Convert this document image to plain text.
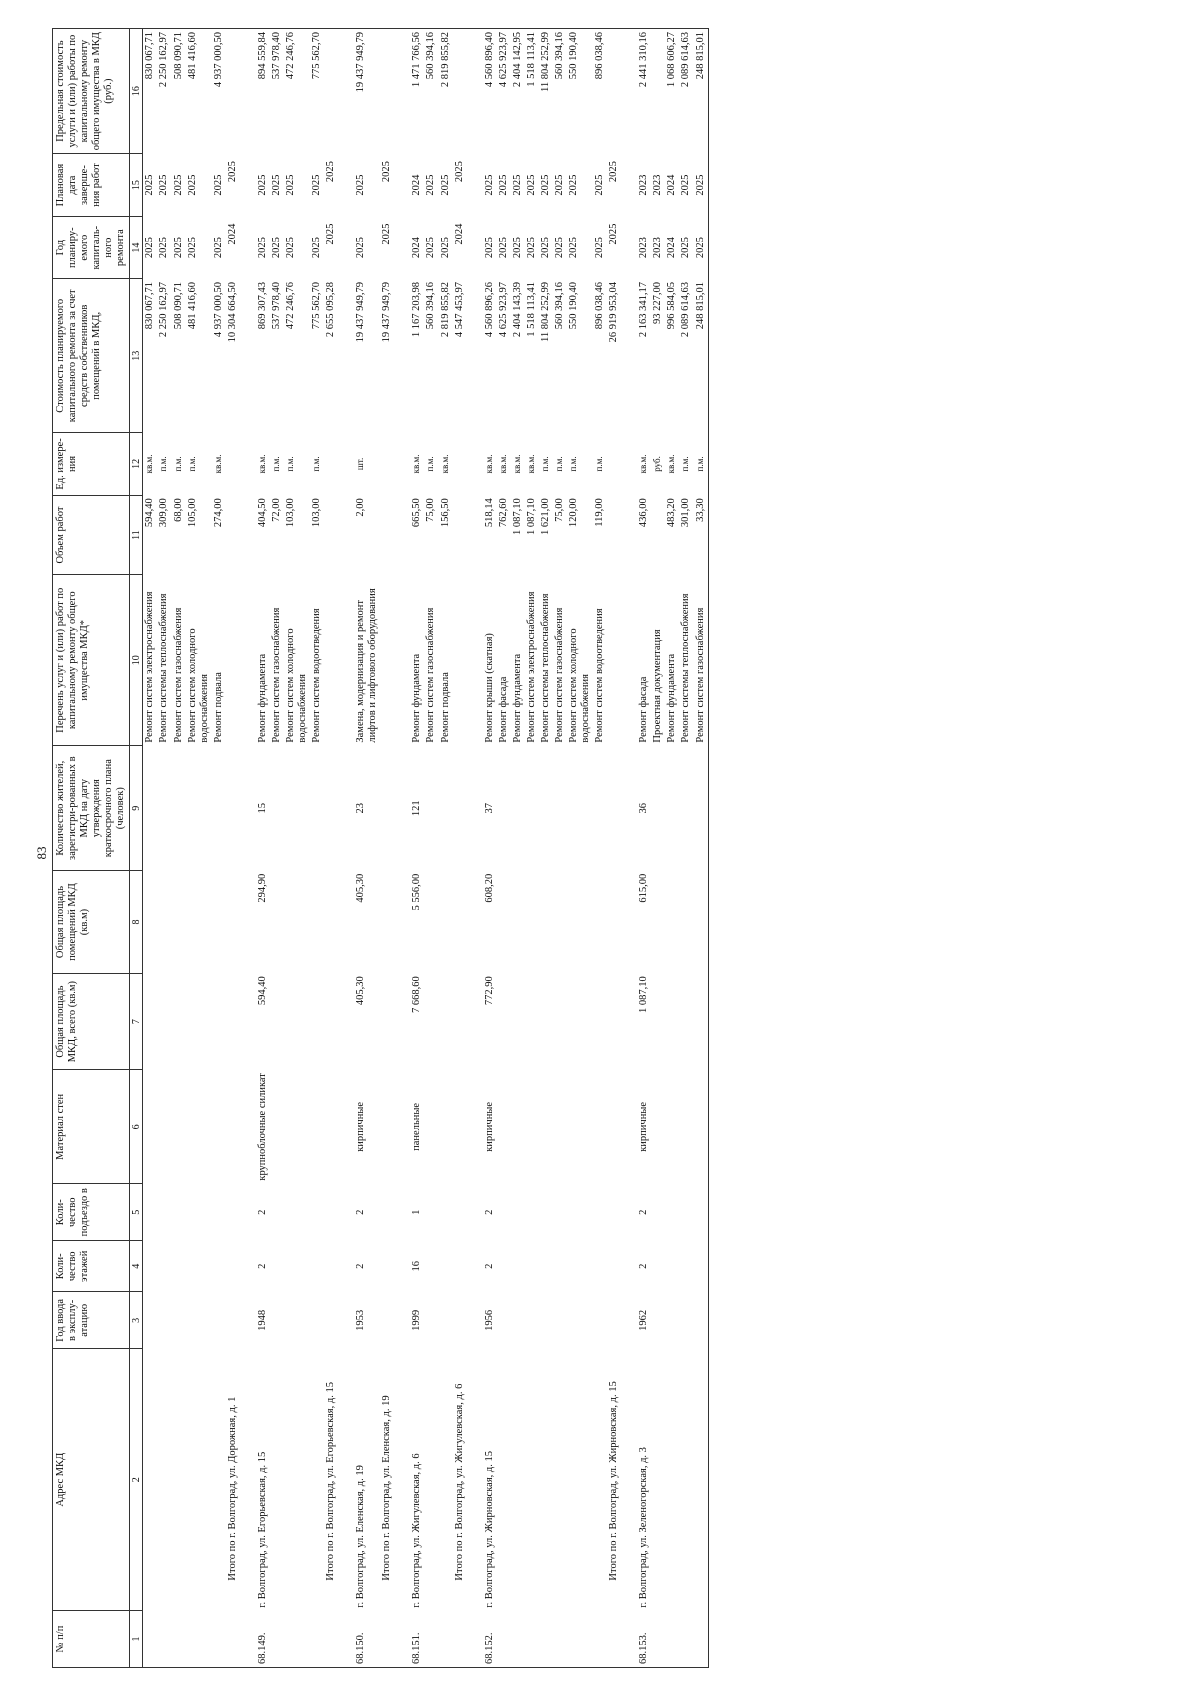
83
№ п/п	Адрес МКД	Год ввода в эксплу-атацию	Коли-чество этажей	Коли-чество подъездо в	Материал стен	Общая площадь МКД, всего (кв.м)	Общая площадь помещений МКД (кв.м)	Количество жителей, зарегистри-рованных в МКД на дату утверждения краткосрочного плана (человек)	Перечень услуг и (или) работ по капитальному ремонту общего имущества МКД*	Объем работ	Ед. измере-ния	Стоимость планируемого капитального ремонта за счет средств собственников помещений в МКД,	Год планиру-емого капиталь-ного ремонта	Плановая дата заверше-ния работ	Предельная стоимость услуги и (или) работы по капитальному ремонту общего имущества в МКД (руб.)
1	2	3	4	5	6	7	8	9	10	11	12	13	14	15	16
									Ремонт систем электроснабжения	594,40	кв.м.	830 067,71	2025	2025	830 067,71
									Ремонт системы теплоснабжения	309,00	п.м.	2 250 162,97	2025	2025	2 250 162,97
									Ремонт систем газоснабжения	68,00	п.м.	508 090,71	2025	2025	508 090,71
									Ремонт систем холодного водоснабжения	105,00	п.м.	481 416,60	2025	2025	481 416,60
									Ремонт подвала	274,00	кв.м.	4 937 000,50	2025	2025	4 937 000,50
	Итого по г. Волгоград, ул. Дорожная, д. 1											10 304 664,50	2024	2025	
68.149.	г. Волгоград, ул. Егорьевская, д. 15	1948	2	2	крупноблочные силикат	594,40	294,90	15	Ремонт фундамента	404,50	кв.м.	869 307,43	2025	2025	894 559,84
									Ремонт систем газоснабжения	72,00	п.м.	537 978,40	2025	2025	537 978,40
									Ремонт систем холодного водоснабжения	103,00	п.м.	472 246,76	2025	2025	472 246,76
									Ремонт систем водоотведения	103,00	п.м.	775 562,70	2025	2025	775 562,70
	Итого по г. Волгоград, ул. Егорьевская, д. 15											2 655 095,28	2025	2025	
68.150.	г. Волгоград, ул. Еленская, д. 19	1953	2	2	кирпичные	405,30	405,30	23	Замена, модернизация и ремонт лифтов и лифтового оборудования	2,00	шт.	19 437 949,79	2025	2025	19 437 949,79
	Итого по г. Волгоград, ул. Еленская, д. 19											19 437 949,79	2025	2025	
68.151.	г. Волгоград, ул. Жигулевская, д. 6	1999	16	1	панельные	7 668,60	5 556,00	121	Ремонт фундамента	665,50	кв.м.	1 167 203,98	2024	2024	1 471 766,56
									Ремонт систем газоснабжения	75,00	п.м.	560 394,16	2025	2025	560 394,16
									Ремонт подвала	156,50	кв.м.	2 819 855,82	2025	2025	2 819 855,82
	Итого по г. Волгоград, ул. Жигулевская, д. 6											4 547 453,97	2024	2025	
68.152.	г. Волгоград, ул. Жирновская, д. 15	1956	2	2	кирпичные	772,90	608,20	37	Ремонт крыши (скатная)	518,14	кв.м.	4 560 896,26	2025	2025	4 560 896,40
									Ремонт фасада	762,60	кв.м.	4 625 923,97	2025	2025	4 625 923,97
									Ремонт фундамента	1 087,10	кв.м.	2 404 143,39	2025	2025	2 404 142,95
									Ремонт систем электроснабжения	1 087,10	кв.м.	1 518 113,41	2025	2025	1 518 113,41
									Ремонт системы теплоснабжения	1 621,00	п.м.	11 804 252,99	2025	2025	11 804 252,99
									Ремонт систем газоснабжения	75,00	п.м.	560 394,16	2025	2025	560 394,16
									Ремонт систем холодного водоснабжения	120,00	п.м.	550 190,40	2025	2025	550 190,40
									Ремонт систем водоотведения	119,00	п.м.	896 038,46	2025	2025	896 038,46
	Итого по г. Волгоград, ул. Жирновская, д. 15											26 919 953,04	2025	2025	
68.153.	г. Волгоград, ул. Зеленогорская, д. 3	1962	2	2	кирпичные	1 087,10	615,00	36	Ремонт фасада	436,00	кв.м.	2 163 341,17	2023	2023	2 441 310,16
									Проектная документация		руб.	93 227,00	2023	2023	
									Ремонт фундамента	483,20	кв.м.	996 584,05	2024	2024	1 068 606,27
									Ремонт системы теплоснабжения	301,00	п.м.	2 089 614,63	2025	2025	2 089 614,63
									Ремонт систем газоснабжения	33,30	п.м.	248 815,01	2025	2025	248 815,01
